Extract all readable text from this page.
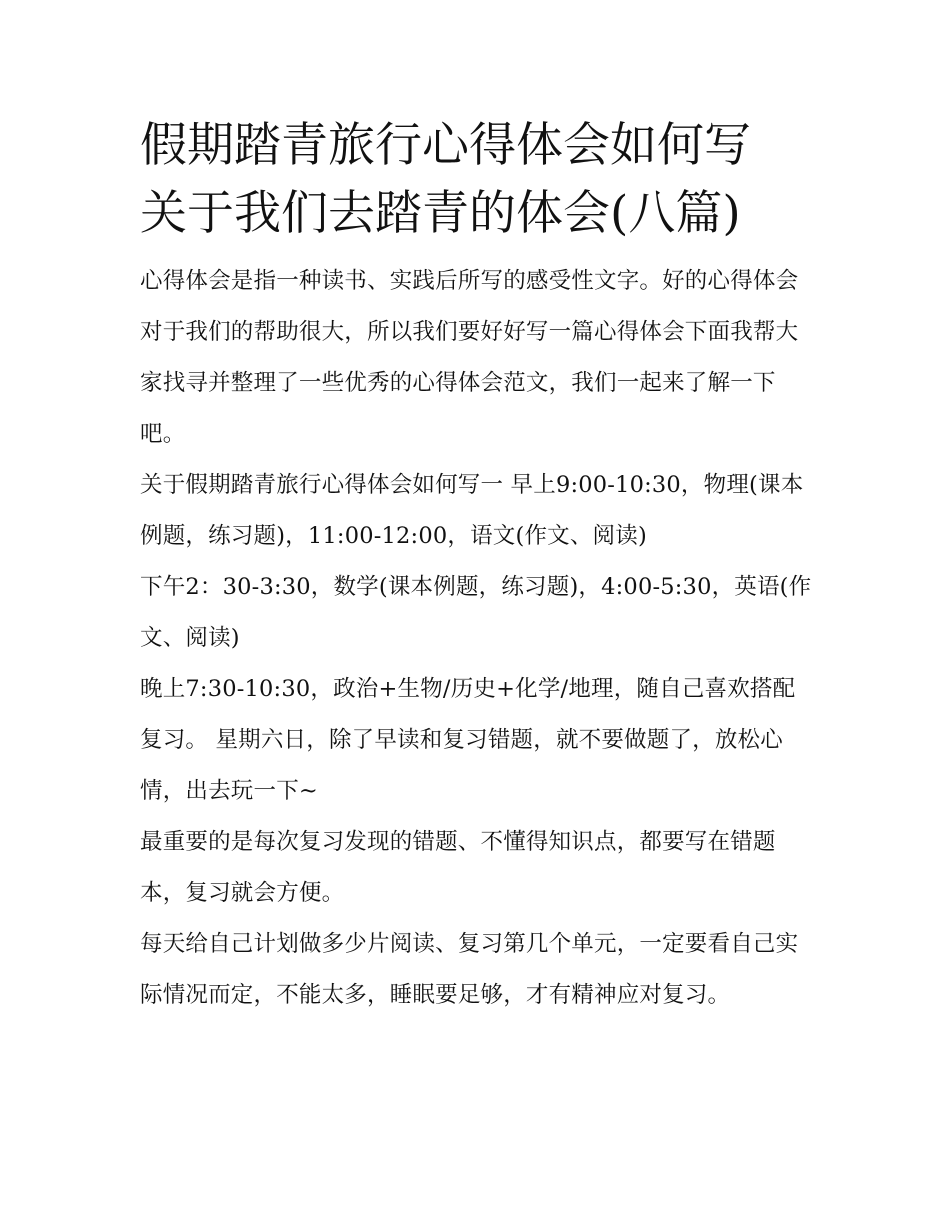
假期踏青旅行心得体会如何写
关于我们去踏青的体会(八篇)

心得体会是指一种读书、实践后所写的感受性文字。好的心得体会对于我们的帮助很大，所以我们要好好写一篇心得体会下面我帮大家找寻并整理了一些优秀的心得体会范文，我们一起来了解一下吧。

关于假期踏青旅行心得体会如何写一 早上9:00-10:30，物理(课本例题，练习题)，11:00-12:00，语文(作文、阅读)

下午2：30-3:30，数学(课本例题，练习题)，4:00-5:30，英语(作文、阅读)

晚上7:30-10:30，政治+生物/历史+化学/地理，随自己喜欢搭配复习。 星期六日，除了早读和复习错题，就不要做题了，放松心情，出去玩一下~

最重要的是每次复习发现的错题、不懂得知识点，都要写在错题本，复习就会方便。

每天给自己计划做多少片阅读、复习第几个单元，一定要看自己实际情况而定，不能太多，睡眠要足够，才有精神应对复习。
